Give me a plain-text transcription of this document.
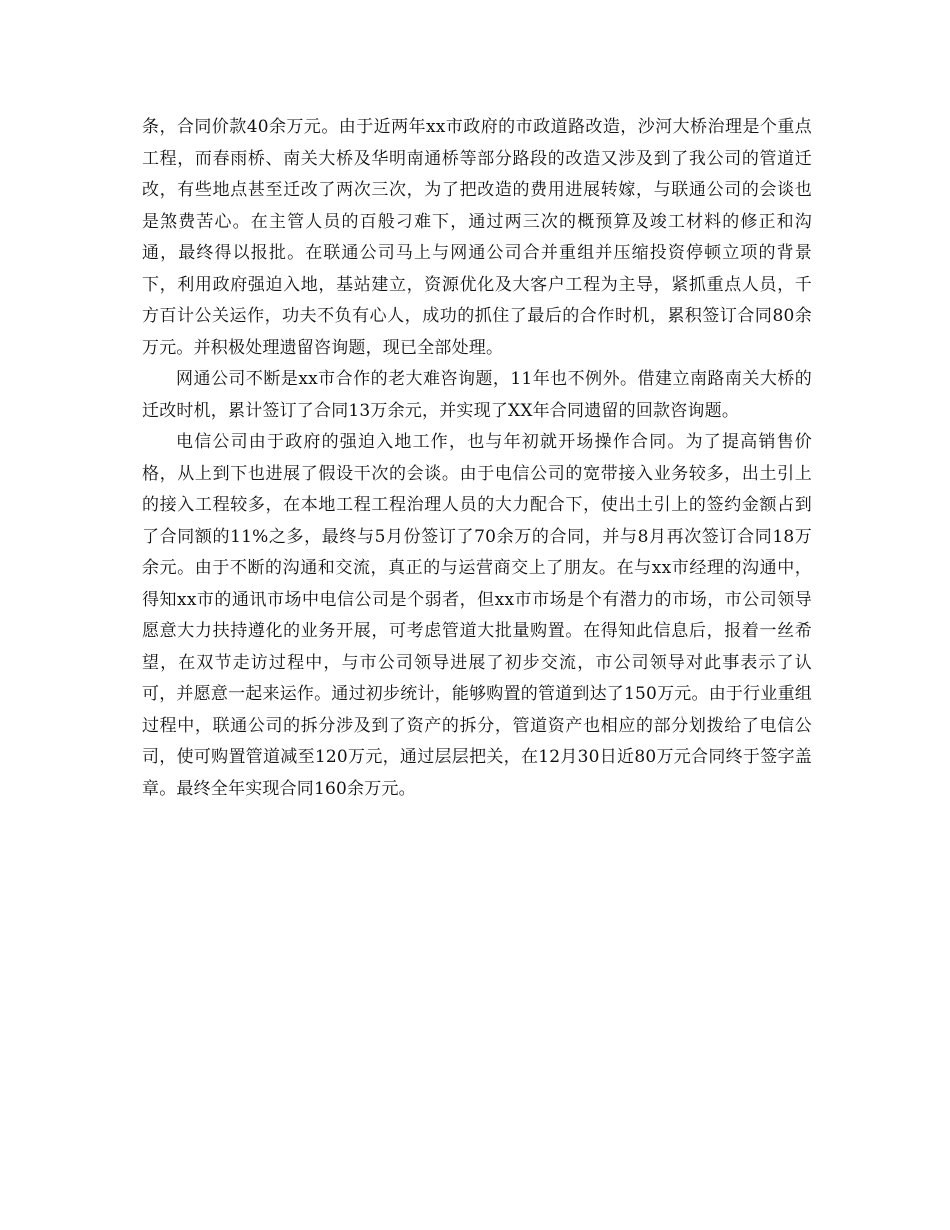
条，合同价款40余万元。由于近两年xx市政府的市政道路改造，沙河大桥治理是个重点工程，而春雨桥、南关大桥及华明南通桥等部分路段的改造又涉及到了我公司的管道迁改，有些地点甚至迁改了两次三次，为了把改造的费用进展转嫁，与联通公司的会谈也是煞费苦心。在主管人员的百般刁难下，通过两三次的概预算及竣工材料的修正和沟通，最终得以报批。在联通公司马上与网通公司合并重组并压缩投资停顿立项的背景下，利用政府强迫入地，基站建立，资源优化及大客户工程为主导，紧抓重点人员，千方百计公关运作，功夫不负有心人，成功的抓住了最后的合作时机，累积签订合同80余万元。并积极处理遗留咨询题，现已全部处理。

网通公司不断是xx市合作的老大难咨询题，11年也不例外。借建立南路南关大桥的迁改时机，累计签订了合同13万余元，并实现了XX年合同遗留的回款咨询题。

电信公司由于政府的强迫入地工作，也与年初就开场操作合同。为了提高销售价格，从上到下也进展了假设干次的会谈。由于电信公司的宽带接入业务较多，出土引上的接入工程较多，在本地工程工程治理人员的大力配合下，使出土引上的签约金额占到了合同额的11%之多，最终与5月份签订了70余万的合同，并与8月再次签订合同18万余元。由于不断的沟通和交流，真正的与运营商交上了朋友。在与xx市经理的沟通中，得知xx市的通讯市场中电信公司是个弱者，但xx市市场是个有潜力的市场，市公司领导愿意大力扶持遵化的业务开展，可考虑管道大批量购置。在得知此信息后，报着一丝希望，在双节走访过程中，与市公司领导进展了初步交流，市公司领导对此事表示了认可，并愿意一起来运作。通过初步统计，能够购置的管道到达了150万元。由于行业重组过程中，联通公司的拆分涉及到了资产的拆分，管道资产也相应的部分划拨给了电信公司，使可购置管道减至120万元，通过层层把关，在12月30日近80万元合同终于签字盖章。最终全年实现合同160余万元。
